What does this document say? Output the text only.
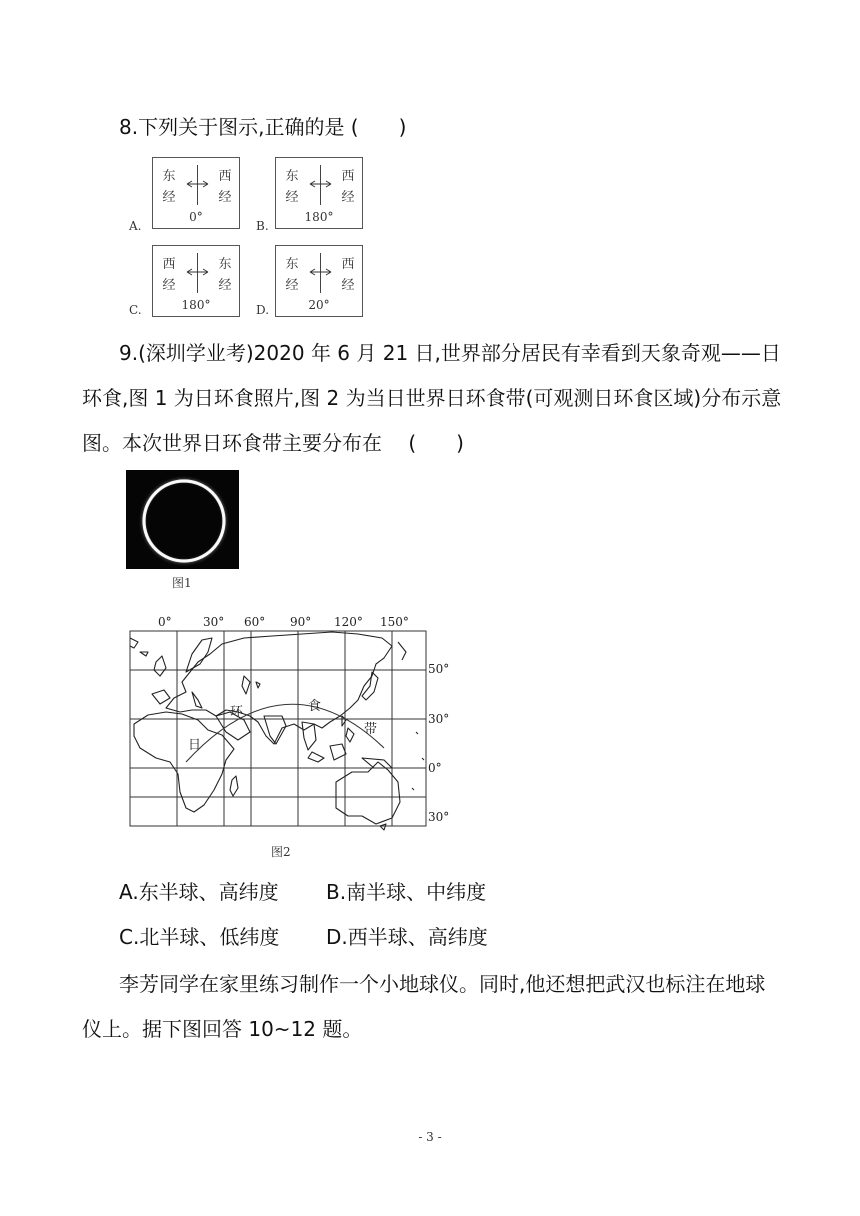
8.下列关于图示,正确的是 (　　)
A.
东
经
西
经
0°
B.
东
经
西
经
180°
C.
西
经
东
经
180°	D.
东
经
西
经
20°
9.(深圳学业考)2020 年 6 月 21 日,世界部分居民有幸看到天象奇观——日
环食,图 1 为日环食照片,图 2 为当日世界日环食带(可观测日环食区域)分布示意
图。本次世界日环食带主要分布在　 (　　)
图1
0°	30° 60° 90° 120° 150°
50°
30°
0°
30°
日
环	食
带
图2
A.东半球、高纬度 B.南半球、中纬度
C.北半球、低纬度 D.西半球、高纬度
李芳同学在家里练习制作一个小地球仪。同时,他还想把武汉也标注在地球
仪上。据下图回答 10~12 题。
- 3 -
